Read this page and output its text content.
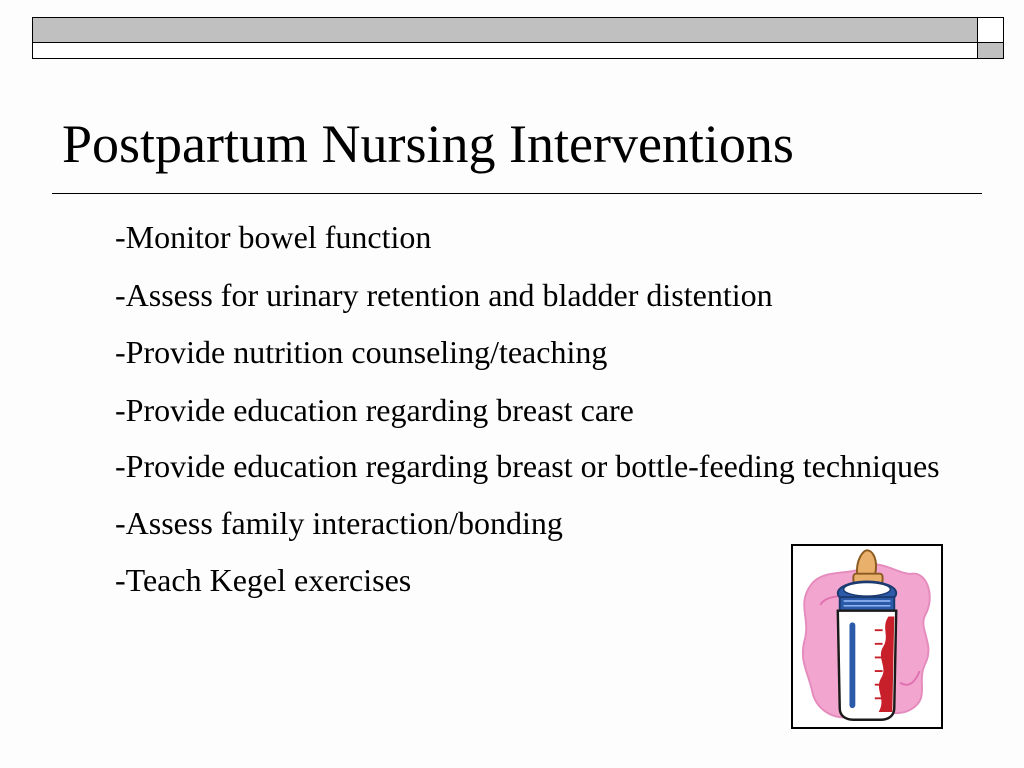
Postpartum Nursing Interventions
-Monitor bowel function
-Assess for urinary retention and bladder distention
-Provide nutrition counseling/teaching
-Provide education regarding breast care
-Provide education regarding breast or bottle-feeding techniques
-Assess family interaction/bonding
-Teach Kegel exercises
